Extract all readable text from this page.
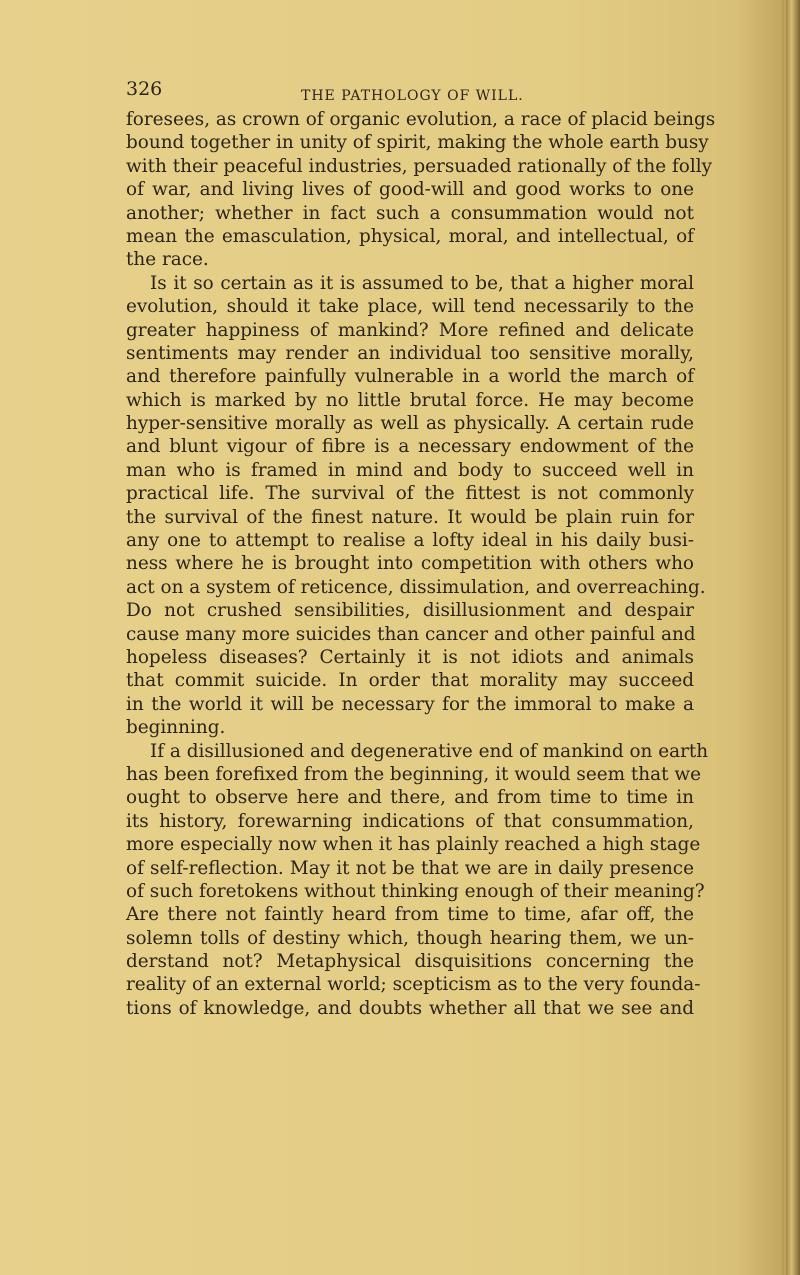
326	THE PATHOLOGY OF WILL.
foresees, as crown of organic evolution, a race of placid beings
bound together in unity of spirit, making the whole earth busy
with their peaceful industries, persuaded rationally of the folly
of war, and living lives of good-will and good works to one
another; whether in fact such a consummation would not
mean the emasculation, physical, moral, and intellectual, of
the race.
Is it so certain as it is assumed to be, that a higher moral
evolution, should it take place, will tend necessarily to the
greater happiness of mankind? More refined and delicate
sentiments may render an individual too sensitive morally,
and therefore painfully vulnerable in a world the march of
which is marked by no little brutal force. He may become
hyper-sensitive morally as well as physically. A certain rude
and blunt vigour of fibre is a necessary endowment of the
man who is framed in mind and body to succeed well in
practical life. The survival of the fittest is not commonly
the survival of the finest nature. It would be plain ruin for
any one to attempt to realise a lofty ideal in his daily busi-
ness where he is brought into competition with others who
act on a system of reticence, dissimulation, and overreaching.
Do not crushed sensibilities, disillusionment and despair
cause many more suicides than cancer and other painful and
hopeless diseases? Certainly it is not idiots and animals
that commit suicide. In order that morality may succeed
in the world it will be necessary for the immoral to make a
beginning.
If a disillusioned and degenerative end of mankind on earth
has been forefixed from the beginning, it would seem that we
ought to observe here and there, and from time to time in
its history, forewarning indications of that consummation,
more especially now when it has plainly reached a high stage
of self-reflection. May it not be that we are in daily presence
of such foretokens without thinking enough of their meaning?
Are there not faintly heard from time to time, afar off, the
solemn tolls of destiny which, though hearing them, we un-
derstand not? Metaphysical disquisitions concerning the
reality of an external world; scepticism as to the very founda-
tions of knowledge, and doubts whether all that we see and
